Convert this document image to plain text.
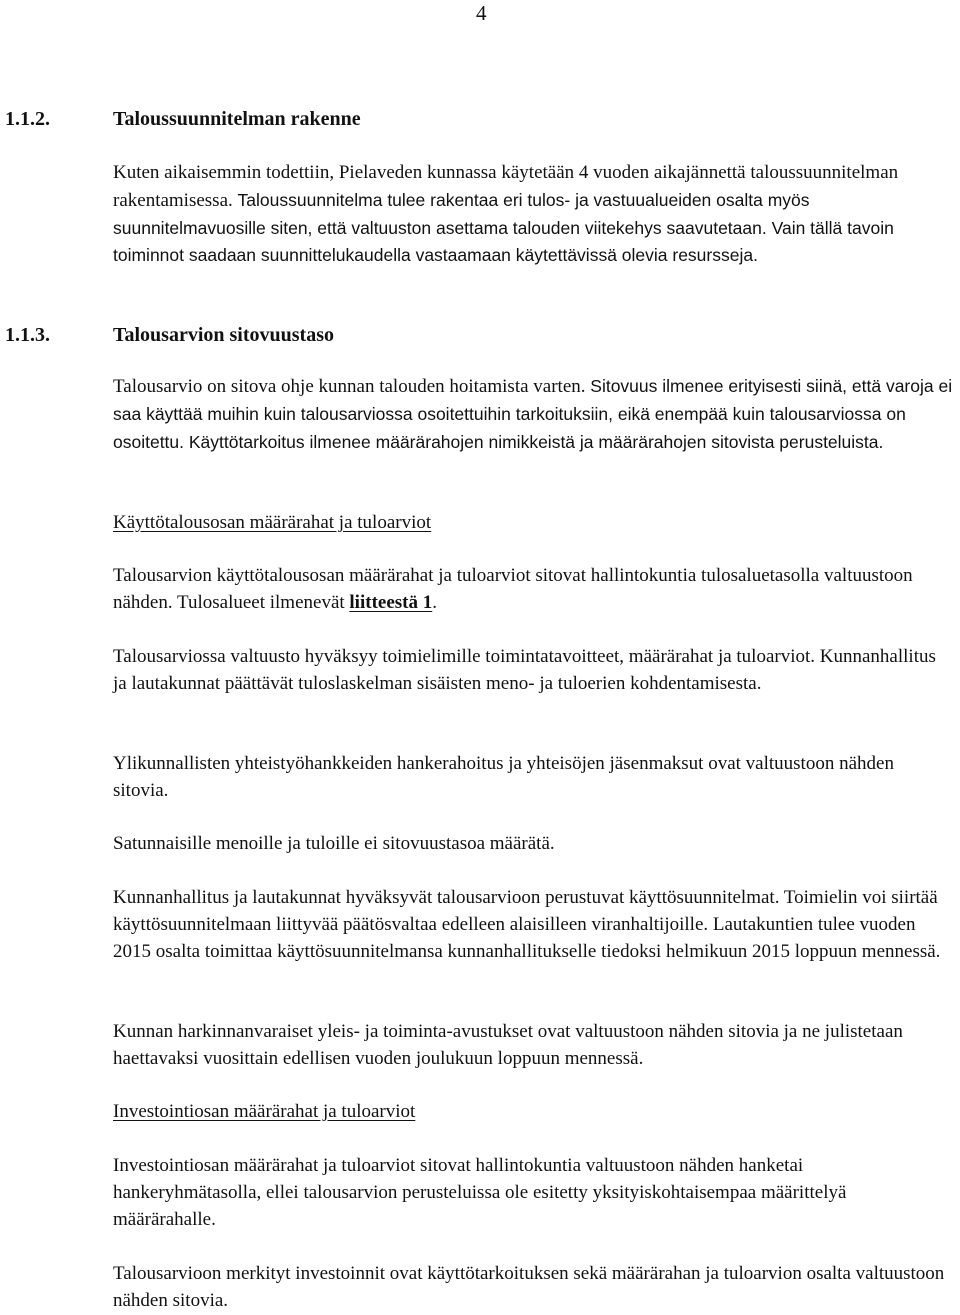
4
1.1.2.	Taloussuunnitelman rakenne
Kuten aikaisemmin todettiin, Pielaveden kunnassa käytetään 4 vuoden aikajännettä taloussuunnitelman rakentamisessa. Taloussuunnitelma tulee rakentaa eri tulos- ja vastuualueiden osalta myös suunnitelmavuosille siten, että valtuuston asettama talouden viitekehys saavutetaan. Vain tällä tavoin toiminnot saadaan suunnittelukaudella vastaamaan käytettävissä olevia resursseja.
1.1.3.	Talousarvion sitovuustaso
Talousarvio on sitova ohje kunnan talouden hoitamista varten. Sitovuus ilmenee erityisesti siinä, että varoja ei saa käyttää muihin kuin talousarviossa osoitettuihin tarkoituksiin, eikä enempää kuin talousarviossa on osoitettu. Käyttötarkoitus ilmenee määrärahojen nimikkeistä ja määrärahojen sitovista perusteluista.
Käyttötalousosan määrärahat ja tuloarviot
Talousarvion käyttötalousosan määrärahat ja tuloarviot sitovat hallintokuntia tulosaluetasolla valtuustoon nähden. Tulosalueet ilmenevät liitteestä 1.
Talousarviossa valtuusto hyväksyy toimielimille toimintatavoitteet, määrärahat ja tuloarviot. Kunnanhallitus ja lautakunnat päättävät tuloslaskelman sisäisten meno- ja tuloerien kohdentamisesta.
Ylikunnallisten yhteistyöhankkeiden hankerahoitus ja yhteisöjen jäsenmaksut ovat valtuustoon nähden sitovia.
Satunnaisille menoille ja tuloille ei sitovuustasoa määrätä.
Kunnanhallitus ja lautakunnat hyväksyvät talousarvioon perustuvat käyttösuunnitelmat. Toimielin voi siirtää käyttösuunnitelmaan liittyvää päätösvaltaa edelleen alaisilleen viranhaltijoille. Lautakuntien tulee vuoden 2015 osalta toimittaa käyttösuunnitelmansa kunnanhallitukselle tiedoksi helmikuun 2015 loppuun mennessä.
Kunnan harkinnanvaraiset yleis- ja toiminta-avustukset ovat valtuustoon nähden sitovia ja ne julistetaan haettavaksi vuosittain edellisen vuoden joulukuun loppuun mennessä.
Investointiosan määrärahat ja tuloarviot
Investointiosan määrärahat ja tuloarviot sitovat hallintokuntia valtuustoon nähden hanketai hankeryhmätasolla, ellei talousarvion perusteluissa ole esitetty yksityiskohtaisempaa määrittelyä määrärahalle.
Talousarvioon merkityt investoinnit ovat käyttötarkoituksen sekä määrärahan ja tuloarvion osalta valtuustoon nähden sitovia.
